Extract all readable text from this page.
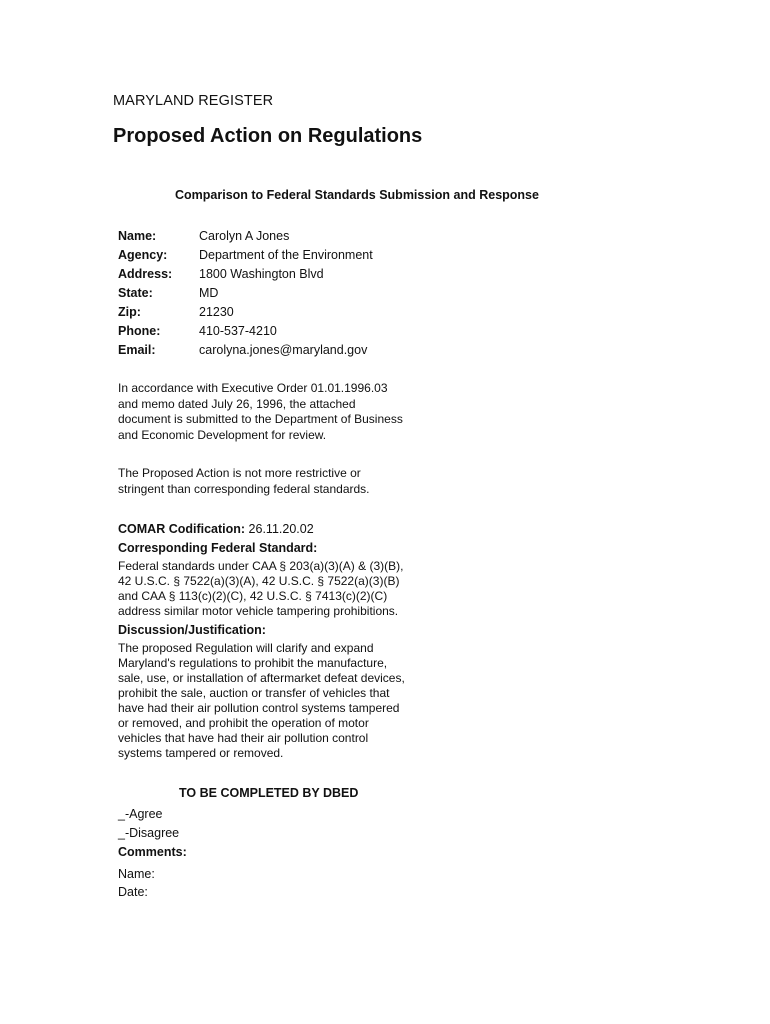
MARYLAND REGISTER
Proposed Action on Regulations
Comparison to Federal Standards Submission and Response
Name:	Carolyn A Jones
Agency:	Department of the Environment
Address:	1800 Washington Blvd
State:	MD
Zip:	21230
Phone:	410-537-4210
Email:	carolyna.jones@maryland.gov
In accordance with Executive Order 01.01.1996.03
and memo dated July 26, 1996, the attached
document is submitted to the Department of Business
and Economic Development for review.
The Proposed Action is not more restrictive or
stringent than corresponding federal standards.
COMAR Codification: 26.11.20.02
Corresponding Federal Standard:
Federal standards under CAA § 203(a)(3)(A) & (3)(B),
42 U.S.C. § 7522(a)(3)(A), 42 U.S.C. § 7522(a)(3)(B)
and CAA § 113(c)(2)(C), 42 U.S.C. § 7413(c)(2)(C)
address similar motor vehicle tampering prohibitions.
Discussion/Justification:
The proposed Regulation will clarify and expand
Maryland's regulations to prohibit the manufacture,
sale, use, or installation of aftermarket defeat devices,
prohibit the sale, auction or transfer of vehicles that
have had their air pollution control systems tampered
or removed, and prohibit the operation of motor
vehicles that have had their air pollution control
systems tampered or removed.
TO BE COMPLETED BY DBED
_-Agree
_-Disagree
Comments:
Name:
Date:
